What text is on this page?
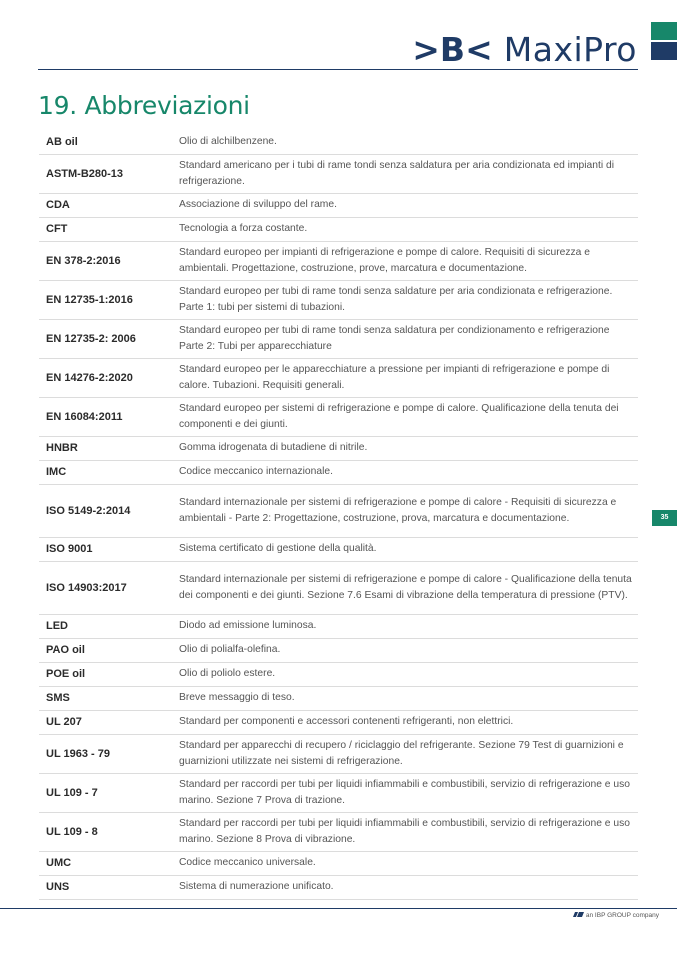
>B< MaxiPro
19. Abbreviazioni
AB oil	Olio di alchilbenzene.
ASTM-B280-13	Standard americano per i tubi di rame tondi senza saldatura per aria condizionata ed impianti di refrigerazione.
CDA	Associazione di sviluppo del rame.
CFT	Tecnologia a forza costante.
EN 378-2:2016	Standard europeo per impianti di refrigerazione e pompe di calore. Requisiti di sicurezza e ambientali. Progettazione, costruzione, prove, marcatura e documentazione.
EN 12735-1:2016	Standard europeo per tubi di rame tondi senza saldature per aria condizionata e refrigerazione. Parte 1: tubi per sistemi di tubazioni.
EN 12735-2: 2006	Standard europeo per tubi di rame tondi senza saldatura per condizionamento e refrigerazione Parte 2: Tubi per apparecchiature
EN 14276-2:2020	Standard europeo per le apparecchiature a pressione per impianti di refrigerazione e pompe di calore. Tubazioni. Requisiti generali.
EN 16084:2011	Standard europeo per sistemi di refrigerazione e pompe di calore. Qualificazione della tenuta dei componenti e dei giunti.
HNBR	Gomma idrogenata di butadiene di nitrile.
IMC	Codice meccanico internazionale.
ISO 5149-2:2014	Standard internazionale per sistemi di refrigerazione e pompe di calore - Requisiti di sicurezza e ambientali - Parte 2: Progettazione, costruzione, prova, marcatura e documentazione.
ISO 9001	Sistema certificato di gestione della qualità.
ISO 14903:2017	Standard internazionale per sistemi di refrigerazione e pompe di calore - Qualificazione della tenuta dei componenti e dei giunti. Sezione 7.6 Esami di vibrazione della temperatura di pressione (PTV).
LED	Diodo ad emissione luminosa.
PAO oil	Olio di polialfa-olefina.
POE oil	Olio di poliolo estere.
SMS	Breve messaggio di teso.
UL 207	Standard per componenti e accessori contenenti refrigeranti, non elettrici.
UL 1963 - 79	Standard per apparecchi di recupero / riciclaggio del refrigerante. Sezione 79 Test di guarnizioni e guarnizioni utilizzate nei sistemi di refrigerazione.
UL 109 - 7	Standard per raccordi per tubi per liquidi infiammabili e combustibili, servizio di refrigerazione e uso marino. Sezione 7 Prova di trazione.
UL 109 - 8	Standard per raccordi per tubi per liquidi infiammabili e combustibili, servizio di refrigerazione e uso marino. Sezione 8 Prova di vibrazione.
UMC	Codice meccanico universale.
UNS	Sistema di numerazione unificato.
35
an IBP GROUP company
